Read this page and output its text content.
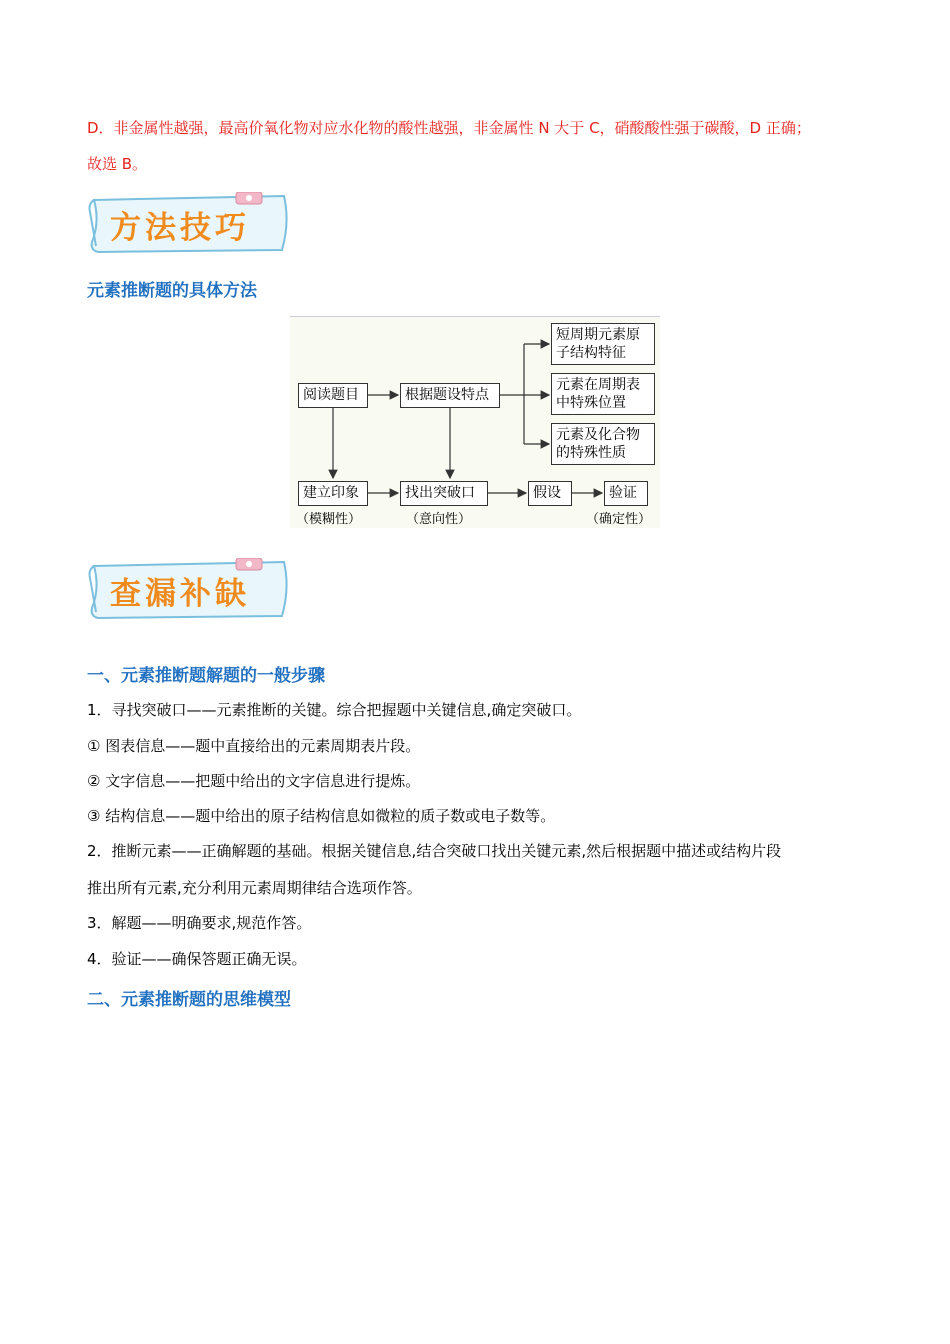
D．非金属性越强，最高价氧化物对应水化物的酸性越强，非金属性 N 大于 C，硝酸酸性强于碳酸，D 正确；
故选 B。
方法技巧
元素推断题的具体方法
阅读题目	根据题设特点
短周期元素原
子结构特征
元素在周期表
中特殊位置
元素及化合物
的特殊性质
建立印象	找出突破口	假设	验证
（模糊性）	（意向性）	（确定性）
查漏补缺
一、元素推断题解题的一般步骤
1．寻找突破口——元素推断的关键。综合把握题中关键信息,确定突破口。
① 图表信息——题中直接给出的元素周期表片段。
② 文字信息——把题中给出的文字信息进行提炼。
③ 结构信息——题中给出的原子结构信息如微粒的质子数或电子数等。
2．推断元素——正确解题的基础。根据关键信息,结合突破口找出关键元素,然后根据题中描述或结构片段
推出所有元素,充分利用元素周期律结合选项作答。
3．解题——明确要求,规范作答。
4．验证——确保答题正确无误。
二、元素推断题的思维模型
